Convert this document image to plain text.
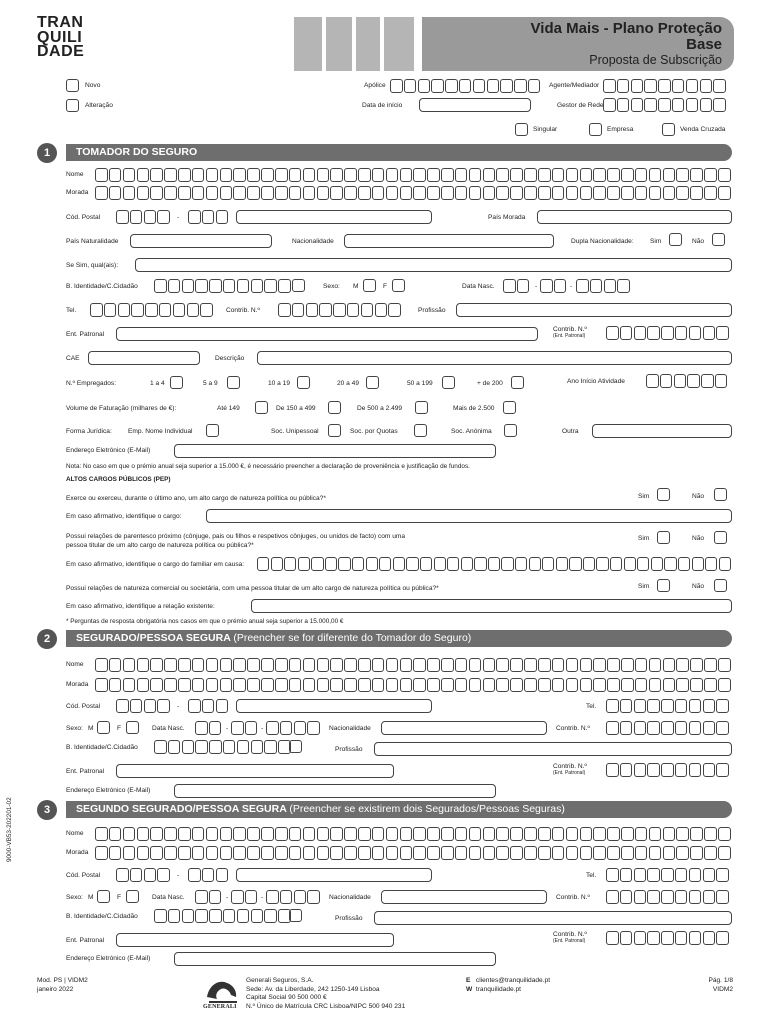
TRAN
QUILI
DADE
Vida Mais - Plano Proteção
Base
Proposta de Subscrição
Novo
Alteração
Apólice
Data de início
Agente/Mediador
Gestor de Rede
Singular	Empresa	Venda Cruzada
1	TOMADOR DO SEGURO
Nome
Morada
Cód. Postal	-	País Morada
País Naturalidade	Nacionalidade	Dupla Nacionalidade: Sim	Não
Se Sim, qual(ais):
B. Identidade/C.Cidadão	Sexo: M	F	Data Nasc.	-	-
Tel.	Contrib. N.º	Profissão
Ent. Patronal
Contrib. N.º
(Ent. Patronal)
CAE	Descrição
N.º Empregados:	1 a 4	5 a 9	10 a 19	20 a 49	50 a 199	+ de 200	Ano Início Atividade
Volume de Faturação (milhares de €):	Até 149	De 150 a 499	De 500 a 2.499	Mais de 2.500
Forma Jurídica: Emp. Nome Individual	Soc. Unipessoal	Soc. por Quotas	Soc. Anónima	Outra
Endereço Eletrónico (E-Mail)
Nota: No caso em que o prémio anual seja superior a 15.000 €, é necessário preencher a declaração de proveniência e justificação de fundos.
ALTOS CARGOS PÚBLICOS (PEP)
Exerce ou exerceu, durante o último ano, um alto cargo de natureza política ou pública?*	Sim	Não
Em caso afirmativo, identifique o cargo:
Possui relações de parentesco próximo (cônjuge, pais ou filhos e respetivos cônjuges, ou unidos de facto) com uma
pessoa titular de um alto cargo de natureza política ou pública?*
Sim	Não
Em caso afirmativo, identifique o cargo do familiar em causa:
Possui relações de natureza comercial ou societária, com uma pessoa titular de um alto cargo de natureza política ou pública?*	Sim	Não
Em caso afirmativo, identifique a relação existente:
* Perguntas de resposta obrigatória nos casos em que o prémio anual seja superior a 15.000,00 €
2	SEGURADO/PESSOA SEGURA (Preencher se for diferente do Tomador do Seguro)
Nome
Morada
Cód. Postal	-	Tel.
Sexo: M	F	Data Nasc.	-	-	Nacionalidade	Contrib. N.º
B. Identidade/C.Cidadão	Profissão
Ent. Patronal
Contrib. N.º
(Ent. Patronal)
Endereço Eletrónico (E-Mail)
3	SEGUNDO SEGURADO/PESSOA SEGURA (Preencher se existirem dois Segurados/Pessoas Seguras)
Nome
Morada
Cód. Postal	-	Tel.
Sexo: M	F	Data Nasc.	-	-	Nacionalidade	Contrib. N.º
B. Identidade/C.Cidadão	Profissão
Ent. Patronal
Contrib. N.º
(Ent. Patronal)
Endereço Eletrónico (E-Mail)
9000-VB53-202201-02
Mod. PS | VIDM2
janeiro 2022
GENERALI
Generali Seguros, S.A.
Sede: Av. da Liberdade, 242 1250-149 Lisboa
Capital Social 90 500 000 €
N.º Único de Matrícula CRC Lisboa/NIPC 500 940 231
E clientes@tranquilidade.pt
W tranquilidade.pt
Pág. 1/8
VIDM2
